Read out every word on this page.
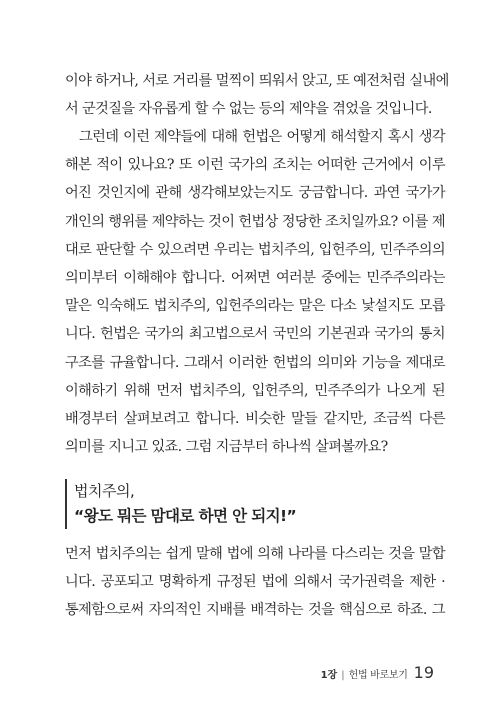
이야 하거나, 서로 거리를 멀찍이 띄워서 앉고, 또 예전처럼 실내에
서 군것질을 자유롭게 할 수 없는 등의 제약을 겪었을 것입니다.
그런데 이런 제약들에 대해 헌법은 어떻게 해석할지 혹시 생각
해본 적이 있나요? 또 이런 국가의 조치는 어떠한 근거에서 이루
어진 것인지에 관해 생각해보았는지도 궁금합니다. 과연 국가가
개인의 행위를 제약하는 것이 헌법상 정당한 조치일까요? 이를 제
대로 판단할 수 있으려면 우리는 법치주의, 입헌주의, 민주주의의
의미부터 이해해야 합니다. 어쩌면 여러분 중에는 민주주의라는
말은 익숙해도 법치주의, 입헌주의라는 말은 다소 낯설지도 모릅
니다. 헌법은 국가의 최고법으로서 국민의 기본권과 국가의 통치
구조를 규율합니다. 그래서 이러한 헌법의 의미와 기능을 제대로
이해하기 위해 먼저 법치주의, 입헌주의, 민주주의가 나오게 된
배경부터 살펴보려고 합니다. 비슷한 말들 같지만, 조금씩 다른
의미를 지니고 있죠. 그럼 지금부터 하나씩 살펴볼까요?
법치주의,
“왕도 뭐든 맘대로 하면 안 되지!”
먼저 법치주의는 쉽게 말해 법에 의해 나라를 다스리는 것을 말합
니다. 공포되고 명확하게 규정된 법에 의해서 국가권력을 제한 ·
통제함으로써 자의적인 지배를 배격하는 것을 핵심으로 하죠. 그
1장 | 헌법 바로보기 19
